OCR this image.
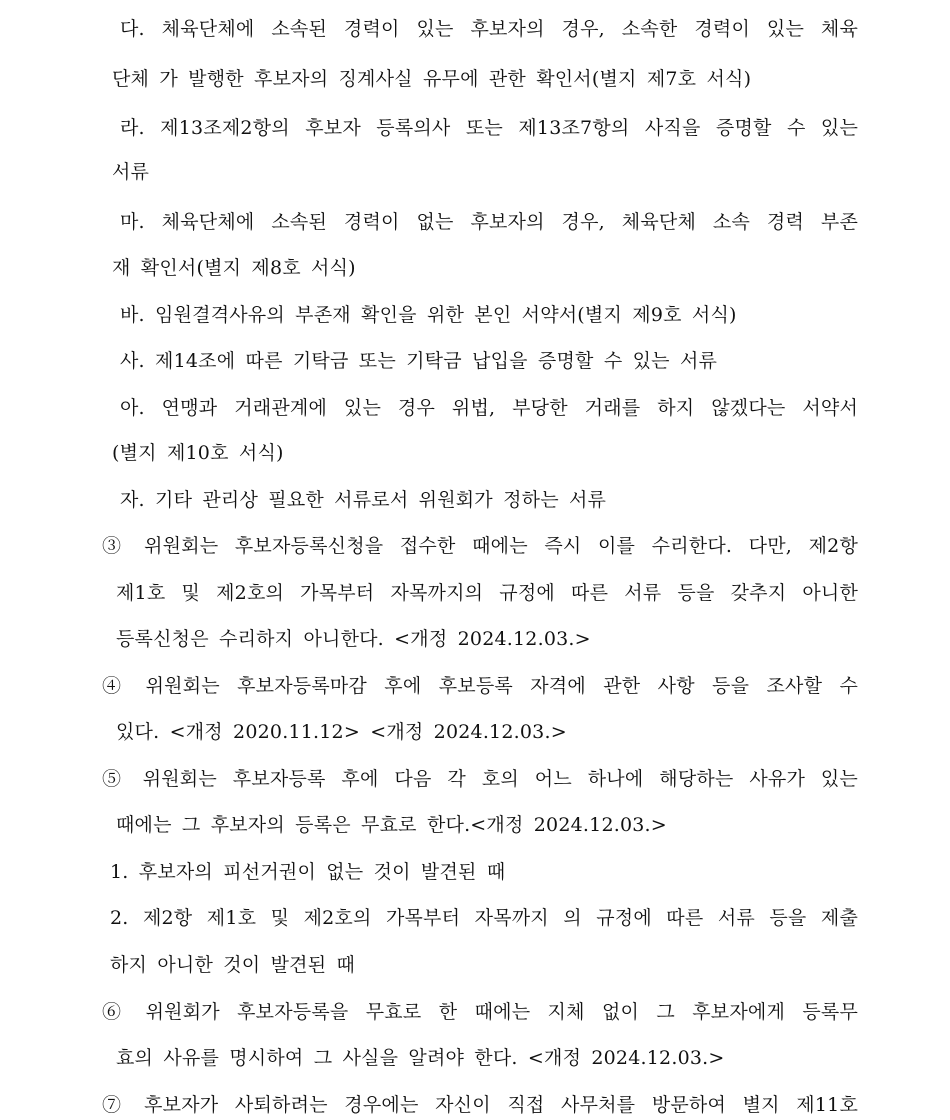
다. 체육단체에 소속된 경력이 있는 후보자의 경우, 소속한 경력이 있는 체육
단체 가 발행한 후보자의 징계사실 유무에 관한 확인서(별지 제7호 서식)
라. 제13조제2항의 후보자 등록의사 또는 제13조7항의 사직을 증명할 수 있는
서류
마. 체육단체에 소속된 경력이 없는 후보자의 경우, 체육단체 소속 경력 부존
재 확인서(별지 제8호 서식)
바. 임원결격사유의 부존재 확인을 위한 본인 서약서(별지 제9호 서식)
사. 제14조에 따른 기탁금 또는 기탁금 납입을 증명할 수 있는 서류
아. 연맹과 거래관계에 있는 경우 위법, 부당한 거래를 하지 않겠다는 서약서
(별지 제10호 서식)
자. 기타 관리상 필요한 서류로서 위원회가 정하는 서류
③ 위원회는 후보자등록신청을 접수한 때에는 즉시 이를 수리한다. 다만, 제2항
제1호 및 제2호의 가목부터 자목까지의 규정에 따른 서류 등을 갖추지 아니한
등록신청은 수리하지 아니한다. <개정 2024.12.03.>
④ 위원회는 후보자등록마감 후에 후보등록 자격에 관한 사항 등을 조사할 수
있다. <개정 2020.11.12> <개정 2024.12.03.>
⑤ 위원회는 후보자등록 후에 다음 각 호의 어느 하나에 해당하는 사유가 있는
때에는 그 후보자의 등록은 무효로 한다.<개정 2024.12.03.>
1. 후보자의 피선거권이 없는 것이 발견된 때
2. 제2항 제1호 및 제2호의 가목부터 자목까지 의 규정에 따른 서류 등을 제출
하지 아니한 것이 발견된 때
⑥ 위원회가 후보자등록을 무효로 한 때에는 지체 없이 그 후보자에게 등록무
효의 사유를 명시하여 그 사실을 알려야 한다. <개정 2024.12.03.>
⑦ 후보자가 사퇴하려는 경우에는 자신이 직접 사무처를 방문하여 별지 제11호
